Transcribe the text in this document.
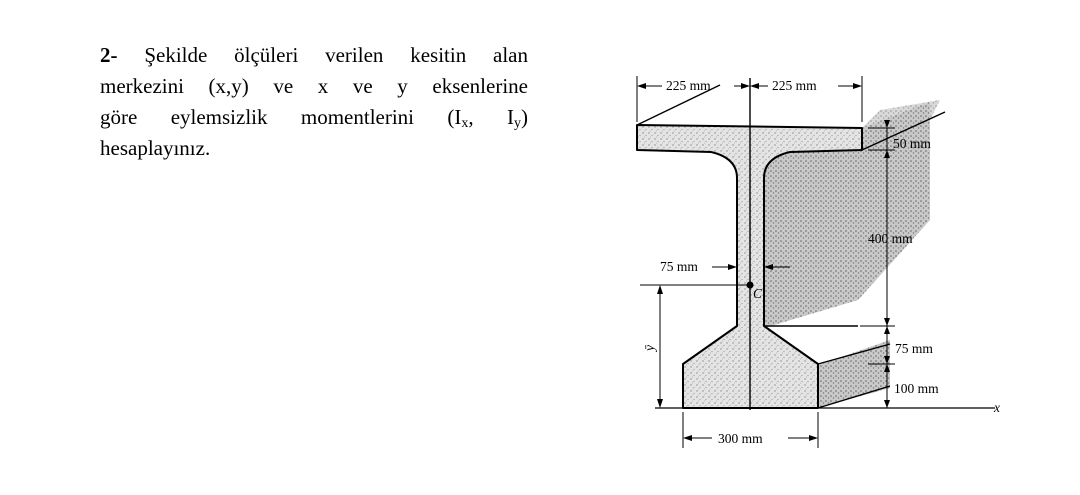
2- Şekilde ölçüleri verilen kesitin alan
merkezini (x,y) ve x ve y eksenlerine
göre eylemsizlik momentlerini ($I_x$, $I_y$)
hesaplayınız.
225 mm	225 mm
50 mm
400 mm
75 mm
100 mm
75 mm
C
ȳ
x
300 mm
